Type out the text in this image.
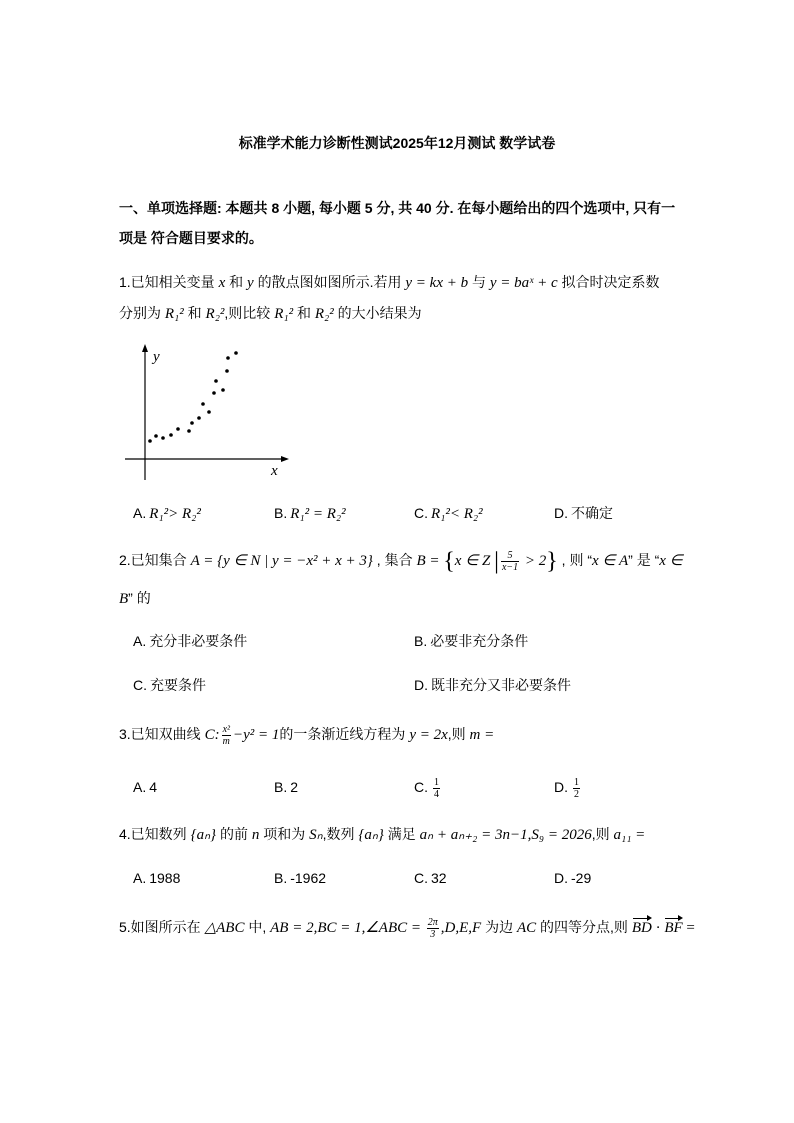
标准学术能力诊断性测试2025年12月测试 数学试卷
一、单项选择题: 本题共 8 小题, 每小题 5 分, 共 40 分. 在每小题给出的四个选项中, 只有一
项是 符合题目要求的。
1.已知相关变量 x 和 y 的散点图如图所示.若用 y = kx + b 与 y = baˣ + c 拟合时决定系数
分别为 R₁² 和 R₂²,则比较 R₁² 和 R₂² 的大小结果为
y
x
A. R₁²> R₂²	B. R₁² = R₂²	C. R₁²< R₂²	D. 不确定
2.已知集合 A = {y ∈ N | y = −x² + x + 3} , 集合 B = {x ∈ Z | $\frac{5}{x-1} > 2$} , 则 “x ∈ A” 是 “x ∈
B” 的
A. 充分非必要条件	B. 必要非充分条件
C. 充要条件	D. 既非充分又非必要条件
3.已知双曲线 C: $\frac{\text{x²}}{m} -y^2 = 1$的一条渐近线方程为 y = 2x,则 m =
A. 4	B. 2	C. $\frac{1}{4}$	D. $\frac{1}{2}$
4.已知数列 {aₙ} 的前 n 项和为 Sₙ,数列 {aₙ} 满足 aₙ + aₙ₊₂ = 3n−1,S₉ = 2026,则 a₁₁ =
A. 1988	B. -1962	C. 32	D. -29
5.如图所示在 △ABC 中, AB = 2,BC = 1,∠ABC = $\frac{2\pi}{3} ,D,E,F$ 为边 AC 的四等分点,则 BD · BF =
